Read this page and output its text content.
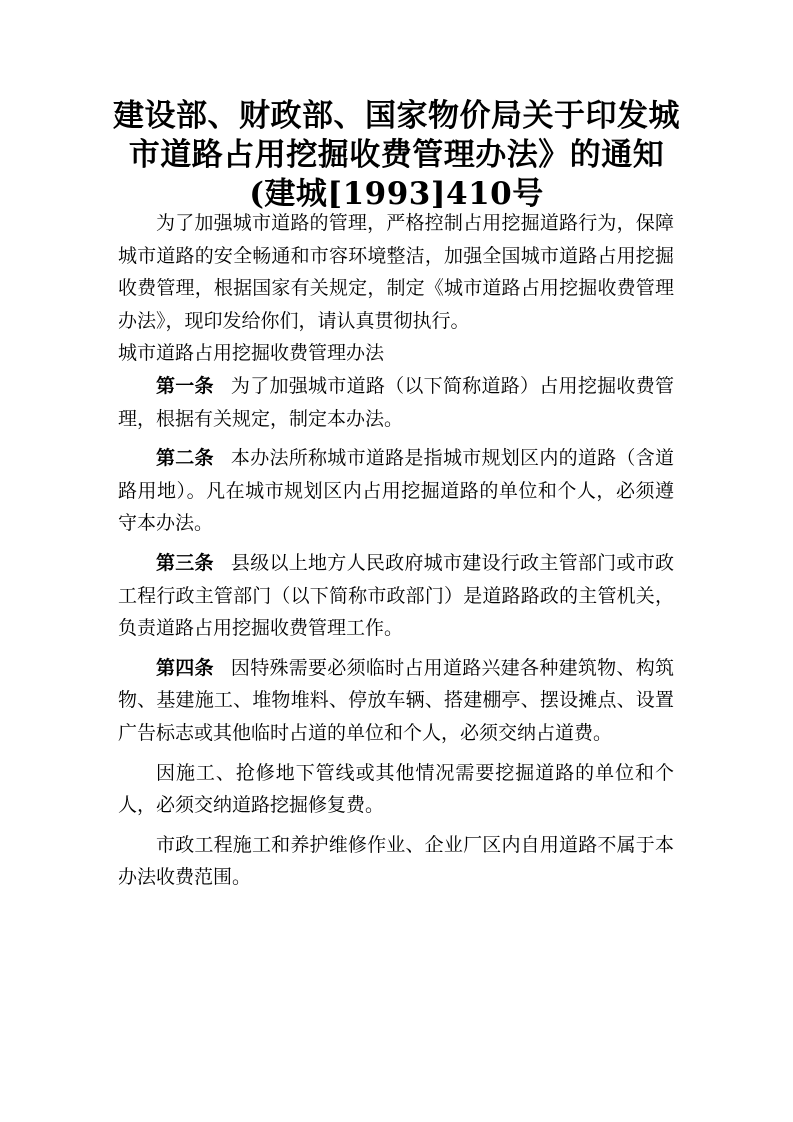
建设部、财政部、国家物价局关于印发城市道路占用挖掘收费管理办法》的通知(建城[1993]410号

为了加强城市道路的管理，严格控制占用挖掘道路行为，保障城市道路的安全畅通和市容环境整洁，加强全国城市道路占用挖掘收费管理，根据国家有关规定，制定《城市道路占用挖掘收费管理办法》，现印发给你们，请认真贯彻执行。

城市道路占用挖掘收费管理办法

第一条 为了加强城市道路（以下简称道路）占用挖掘收费管理，根据有关规定，制定本办法。

第二条 本办法所称城市道路是指城市规划区内的道路（含道路用地）。凡在城市规划区内占用挖掘道路的单位和个人，必须遵守本办法。

第三条 县级以上地方人民政府城市建设行政主管部门或市政工程行政主管部门（以下简称市政部门）是道路路政的主管机关，负责道路占用挖掘收费管理工作。

第四条 因特殊需要必须临时占用道路兴建各种建筑物、构筑物、基建施工、堆物堆料、停放车辆、搭建棚亭、摆设摊点、设置广告标志或其他临时占道的单位和个人，必须交纳占道费。

因施工、抢修地下管线或其他情况需要挖掘道路的单位和个人，必须交纳道路挖掘修复费。

市政工程施工和养护维修作业、企业厂区内自用道路不属于本办法收费范围。
